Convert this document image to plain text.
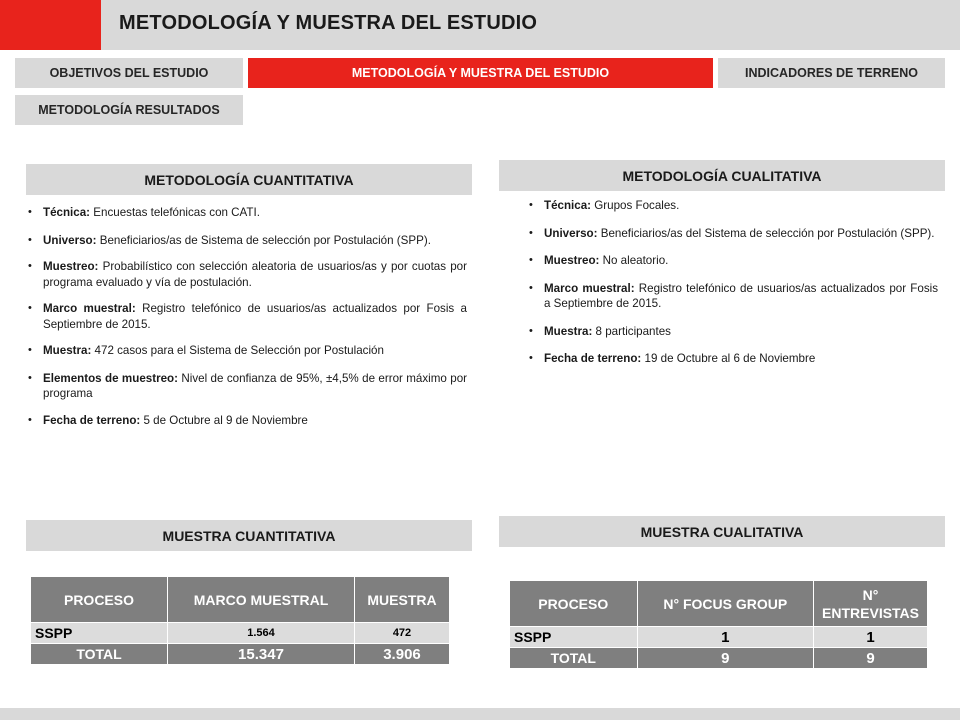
METODOLOGÍA Y MUESTRA DEL ESTUDIO
OBJETIVOS DEL ESTUDIO	METODOLOGÍA Y MUESTRA DEL ESTUDIO	INDICADORES DE TERRENO
METODOLOGÍA RESULTADOS
METODOLOGÍA CUANTITATIVA	METODOLOGÍA CUALITATIVA
• Técnica: Encuestas telefónicas con CATI.
• Universo: Beneficiarios/as de Sistema de selección por Postulación (SPP).
• Muestreo: Probabilístico con selección aleatoria de usuarios/as y por cuotas por programa evaluado y vía de postulación.
• Marco muestral: Registro telefónico de usuarios/as actualizados por Fosis a Septiembre de 2015.
• Muestra: 472 casos para el Sistema de Selección por Postulación
• Elementos de muestreo: Nivel de confianza de 95%, ±4,5% de error máximo por programa
• Fecha de terreno: 5 de Octubre al 9 de Noviembre
• Técnica: Grupos Focales.
• Universo: Beneficiarios/as del Sistema de selección por Postulación (SPP).
• Muestreo: No aleatorio.
• Marco muestral: Registro telefónico de usuarios/as actualizados por Fosis a Septiembre de 2015.
• Muestra: 8 participantes
• Fecha de terreno: 19 de Octubre al 6 de Noviembre
MUESTRA CUANTITATIVA	MUESTRA CUALITATIVA
PROCESO	MARCO MUESTRAL	MUESTRA
SSPP	1.564	472
TOTAL	15.347	3.906
PROCESO	N° FOCUS GROUP	N° ENTREVISTAS
SSPP	1	1
TOTAL	9	9
